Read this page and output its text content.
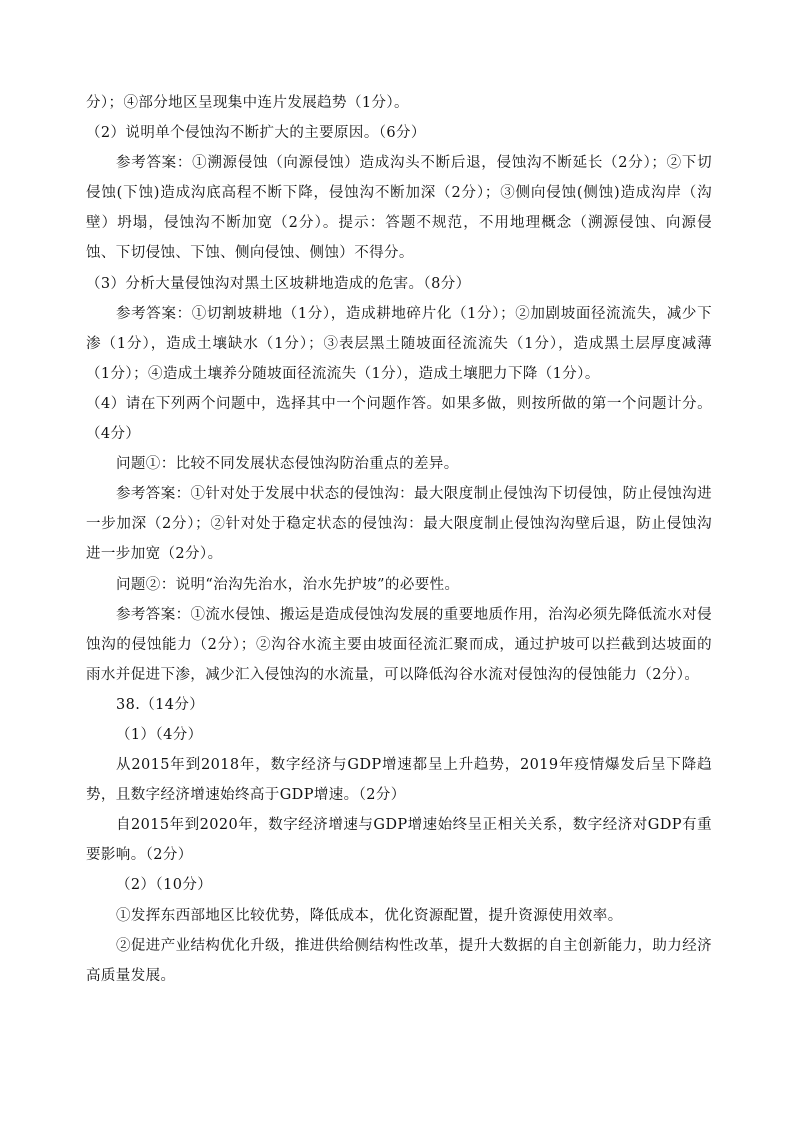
分）；④部分地区呈现集中连片发展趋势（1分）。

（2）说明单个侵蚀沟不断扩大的主要原因。（6分）

参考答案：①溯源侵蚀（向源侵蚀）造成沟头不断后退，侵蚀沟不断延长（2分）；②下切侵蚀(下蚀)造成沟底高程不断下降，侵蚀沟不断加深（2分）；③侧向侵蚀(侧蚀)造成沟岸（沟壁）坍塌，侵蚀沟不断加宽（2分）。提示：答题不规范，不用地理概念（溯源侵蚀、向源侵蚀、下切侵蚀、下蚀、侧向侵蚀、侧蚀）不得分。

（3）分析大量侵蚀沟对黑土区坡耕地造成的危害。（8分）

参考答案：①切割坡耕地（1分），造成耕地碎片化（1分）；②加剧坡面径流流失，减少下渗（1分），造成土壤缺水（1分）；③表层黑土随坡面径流流失（1分），造成黑土层厚度减薄（1分）；④造成土壤养分随坡面径流流失（1分），造成土壤肥力下降（1分）。

（4）请在下列两个问题中，选择其中一个问题作答。如果多做，则按所做的第一个问题计分。（4分）

问题①：比较不同发展状态侵蚀沟防治重点的差异。

参考答案：①针对处于发展中状态的侵蚀沟：最大限度制止侵蚀沟下切侵蚀，防止侵蚀沟进一步加深（2分）；②针对处于稳定状态的侵蚀沟：最大限度制止侵蚀沟沟壁后退，防止侵蚀沟进一步加宽（2分）。

问题②：说明“治沟先治水，治水先护坡”的必要性。

参考答案：①流水侵蚀、搬运是造成侵蚀沟发展的重要地质作用，治沟必须先降低流水对侵蚀沟的侵蚀能力（2分）；②沟谷水流主要由坡面径流汇聚而成，通过护坡可以拦截到达坡面的雨水并促进下渗，减少汇入侵蚀沟的水流量，可以降低沟谷水流对侵蚀沟的侵蚀能力（2分）。

38.（14分）

（1）（4分）

从2015年到2018年，数字经济与GDP增速都呈上升趋势，2019年疫情爆发后呈下降趋势，且数字经济增速始终高于GDP增速。（2分）

自2015年到2020年，数字经济增速与GDP增速始终呈正相关关系，数字经济对GDP有重要影响。（2分）

（2）（10分）

①发挥东西部地区比较优势，降低成本，优化资源配置，提升资源使用效率。

②促进产业结构优化升级，推进供给侧结构性改革，提升大数据的自主创新能力，助力经济高质量发展。
